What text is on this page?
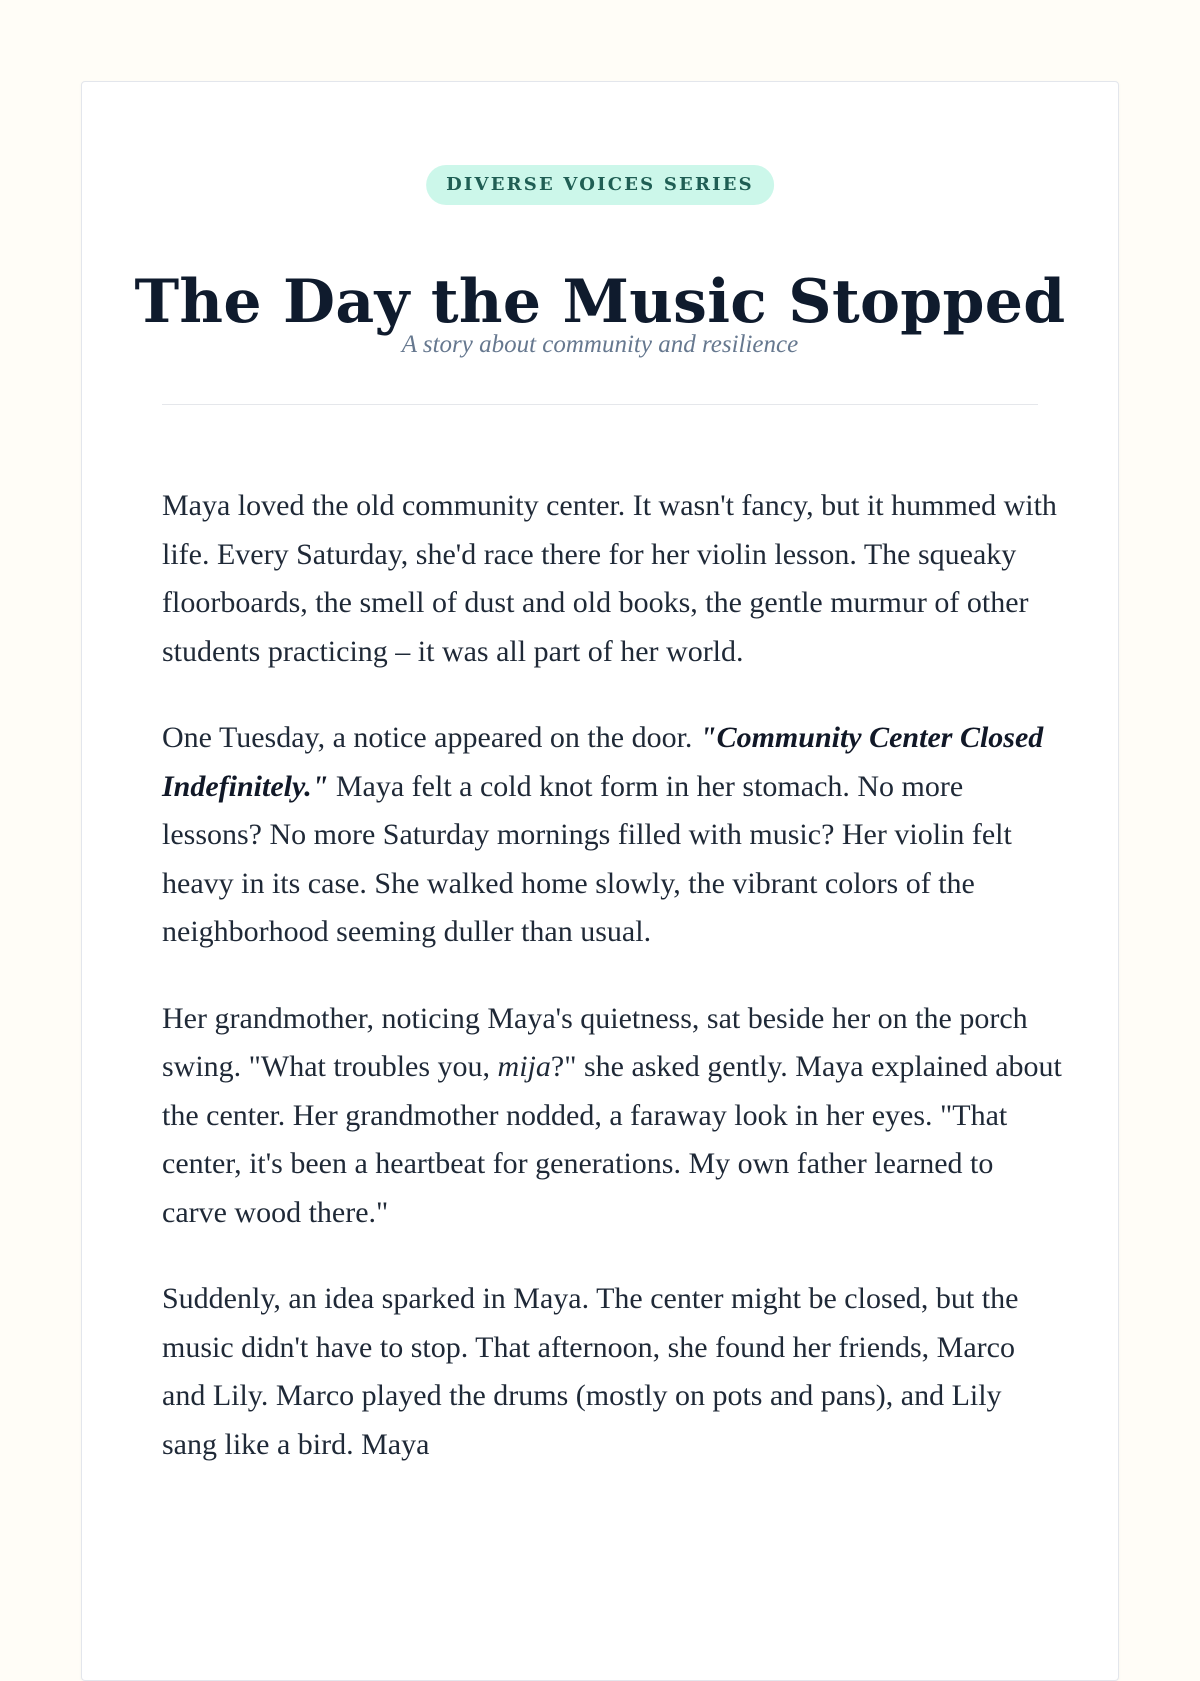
DIVERSE VOICES SERIES
The Day the Music Stopped
A story about community and resilience

Maya loved the old community center. It wasn't fancy, but it hummed with life. Every Saturday, she'd race there for her violin lesson. The squeaky floorboards, the smell of dust and old books, the gentle murmur of other students practicing – it was all part of her world.

One Tuesday, a notice appeared on the door. "Community Center Closed Indefinitely." Maya felt a cold knot form in her stomach. No more lessons? No more Saturday mornings filled with music? Her violin felt heavy in its case. She walked home slowly, the vibrant colors of the neighborhood seeming duller than usual.

Her grandmother, noticing Maya's quietness, sat beside her on the porch swing. "What troubles you, mija?" she asked gently. Maya explained about the center. Her grandmother nodded, a faraway look in her eyes. "That center, it's been a heartbeat for generations. My own father learned to carve wood there."

Suddenly, an idea sparked in Maya. The center might be closed, but the music didn't have to stop. That afternoon, she found her friends, Marco and Lily. Marco played the drums (mostly on pots and pans), and Lily sang like a bird. Maya
